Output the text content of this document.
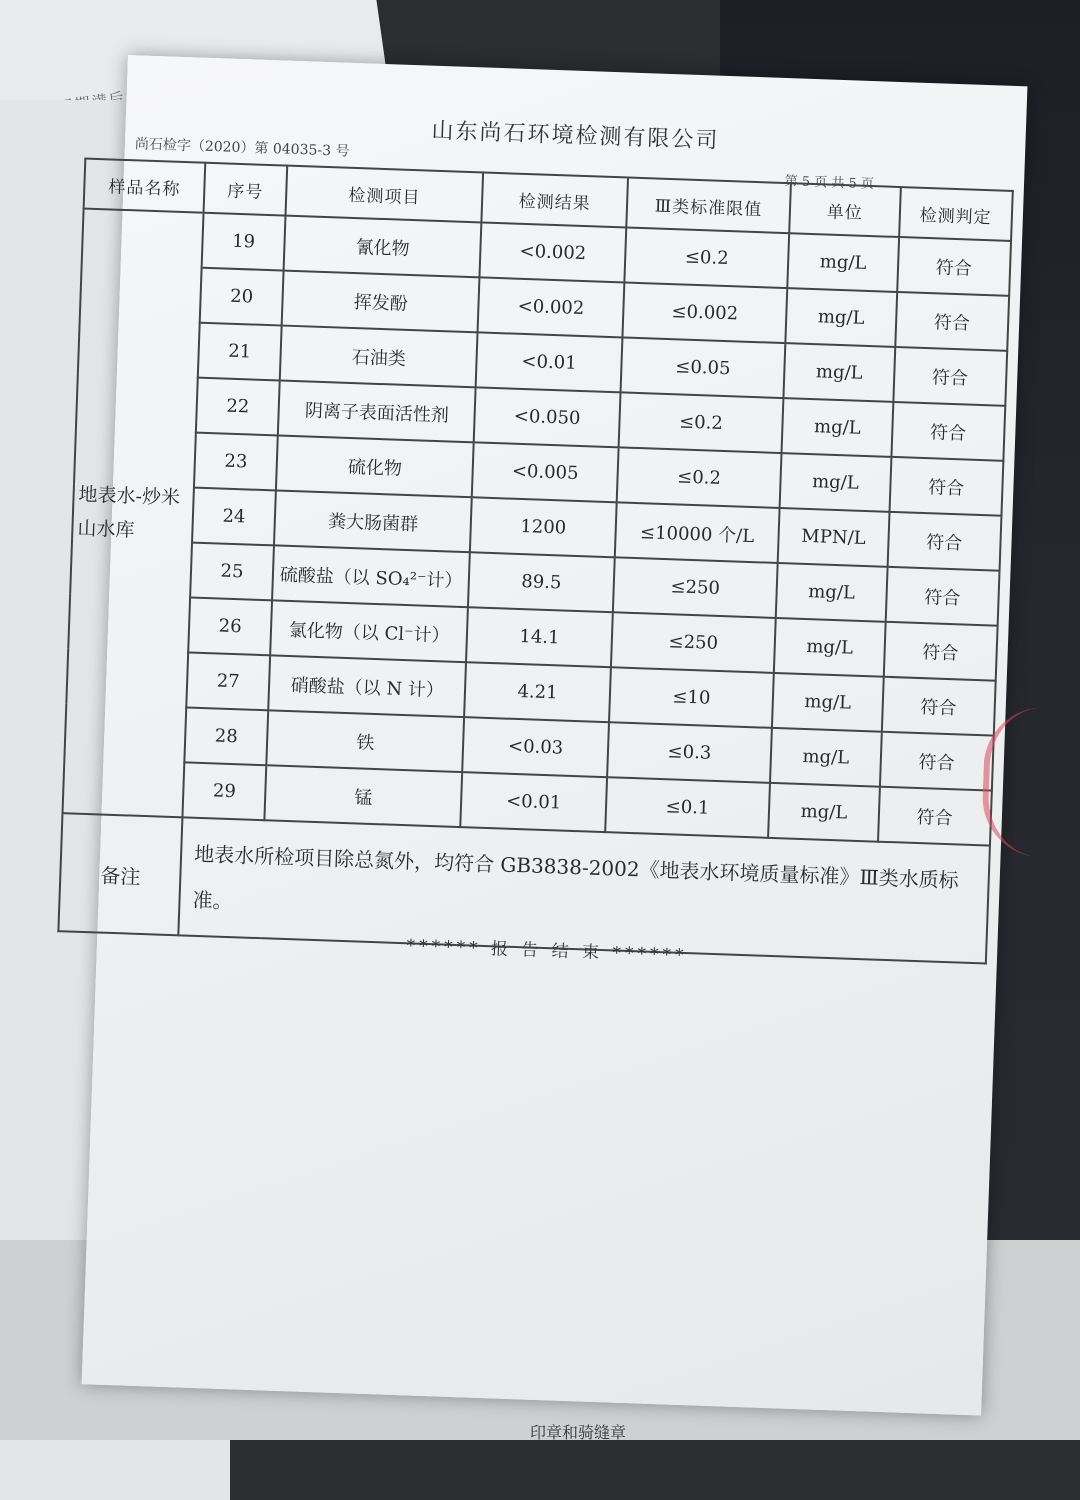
山东尚石环境检测有限公司
尚石检字（2020）第 04035-3 号
第 5 页 共 5 页
样品名称	序号	检测项目	检测结果	Ⅲ类标准限值	单位	检测判定
地表水-炒米山水库	19	氰化物	<0.002	≤0.2	mg/L	符合
	20	挥发酚	<0.002	≤0.002	mg/L	符合
	21	石油类	<0.01	≤0.05	mg/L	符合
	22	阴离子表面活性剂	<0.050	≤0.2	mg/L	符合
	23	硫化物	<0.005	≤0.2	mg/L	符合
	24	粪大肠菌群	1200	≤10000 个/L	MPN/L	符合
	25	硫酸盐（以 SO₄²⁻计）	89.5	≤250	mg/L	符合
	26	氯化物（以 Cl⁻计）	14.1	≤250	mg/L	符合
	27	硝酸盐（以 N 计）	4.21	≤10	mg/L	符合
	28	铁	<0.03	≤0.3	mg/L	符合
	29	锰	<0.01	≤0.1	mg/L	符合
备注	地表水所检项目除总氮外，均符合 GB3838-2002《地表水环境质量标准》Ⅲ类水质标准。					
****** 报 告 结 束 ******
印章和骑缝章
